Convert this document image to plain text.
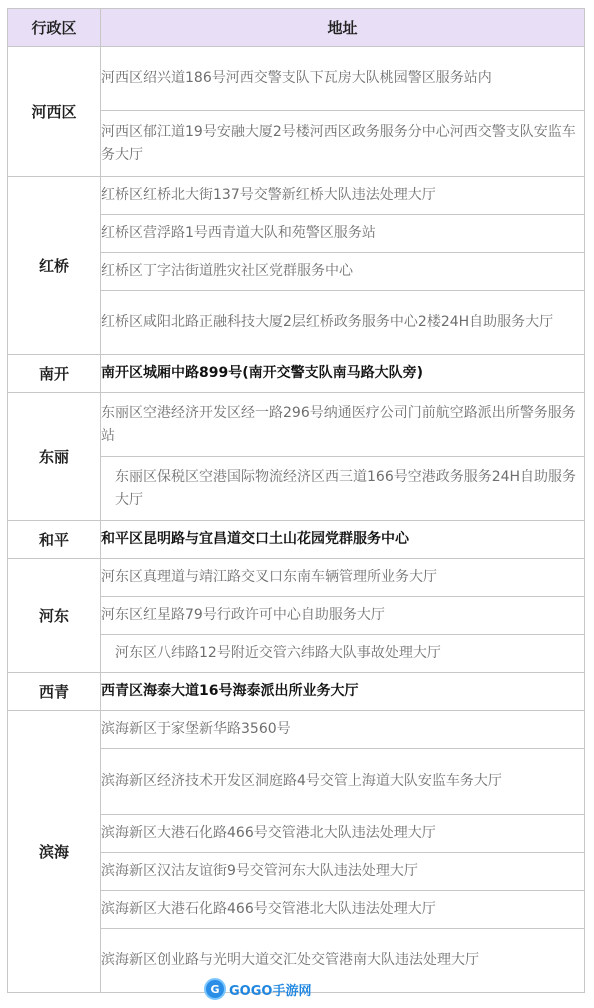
行政区	地址
河西区	河西区绍兴道186号河西交警支队下瓦房大队桃园警区服务站内
	河西区郁江道19号安融大厦2号楼河西区政务服务分中心河西交警支队安监车务大厅
红桥	红桥区红桥北大街137号交警新红桥大队违法处理大厅
	红桥区营浮路1号西青道大队和苑警区服务站
	红桥区丁字沽街道胜灾社区党群服务中心
	红桥区咸阳北路正融科技大厦2层红桥政务服务中心2楼24H自助服务大厅
南开	南开区城厢中路899号(南开交警支队南马路大队旁)
东丽	东丽区空港经济开发区经一路296号纳通医疗公司门前航空路派出所警务服务站
	东丽区保税区空港国际物流经济区西三道166号空港政务服务24H自助服务大厅
和平	和平区昆明路与宜昌道交口土山花园党群服务中心
河东	河东区真理道与靖江路交叉口东南车辆管理所业务大厅
	河东区红星路79号行政许可中心自助服务大厅
	河东区八纬路12号附近交管六纬路大队事故处理大厅
西青	西青区海泰大道16号海泰派出所业务大厅
滨海	滨海新区于家堡新华路3560号
	滨海新区经济技术开发区洞庭路4号交管上海道大队安监车务大厅
	滨海新区大港石化路466号交管港北大队违法处理大厅
	滨海新区汉沽友谊街9号交管河东大队违法处理大厅
	滨海新区大港石化路466号交管港北大队违法处理大厅
	滨海新区创业路与光明大道交汇处交管港南大队违法处理大厅
G GOGO手游网
